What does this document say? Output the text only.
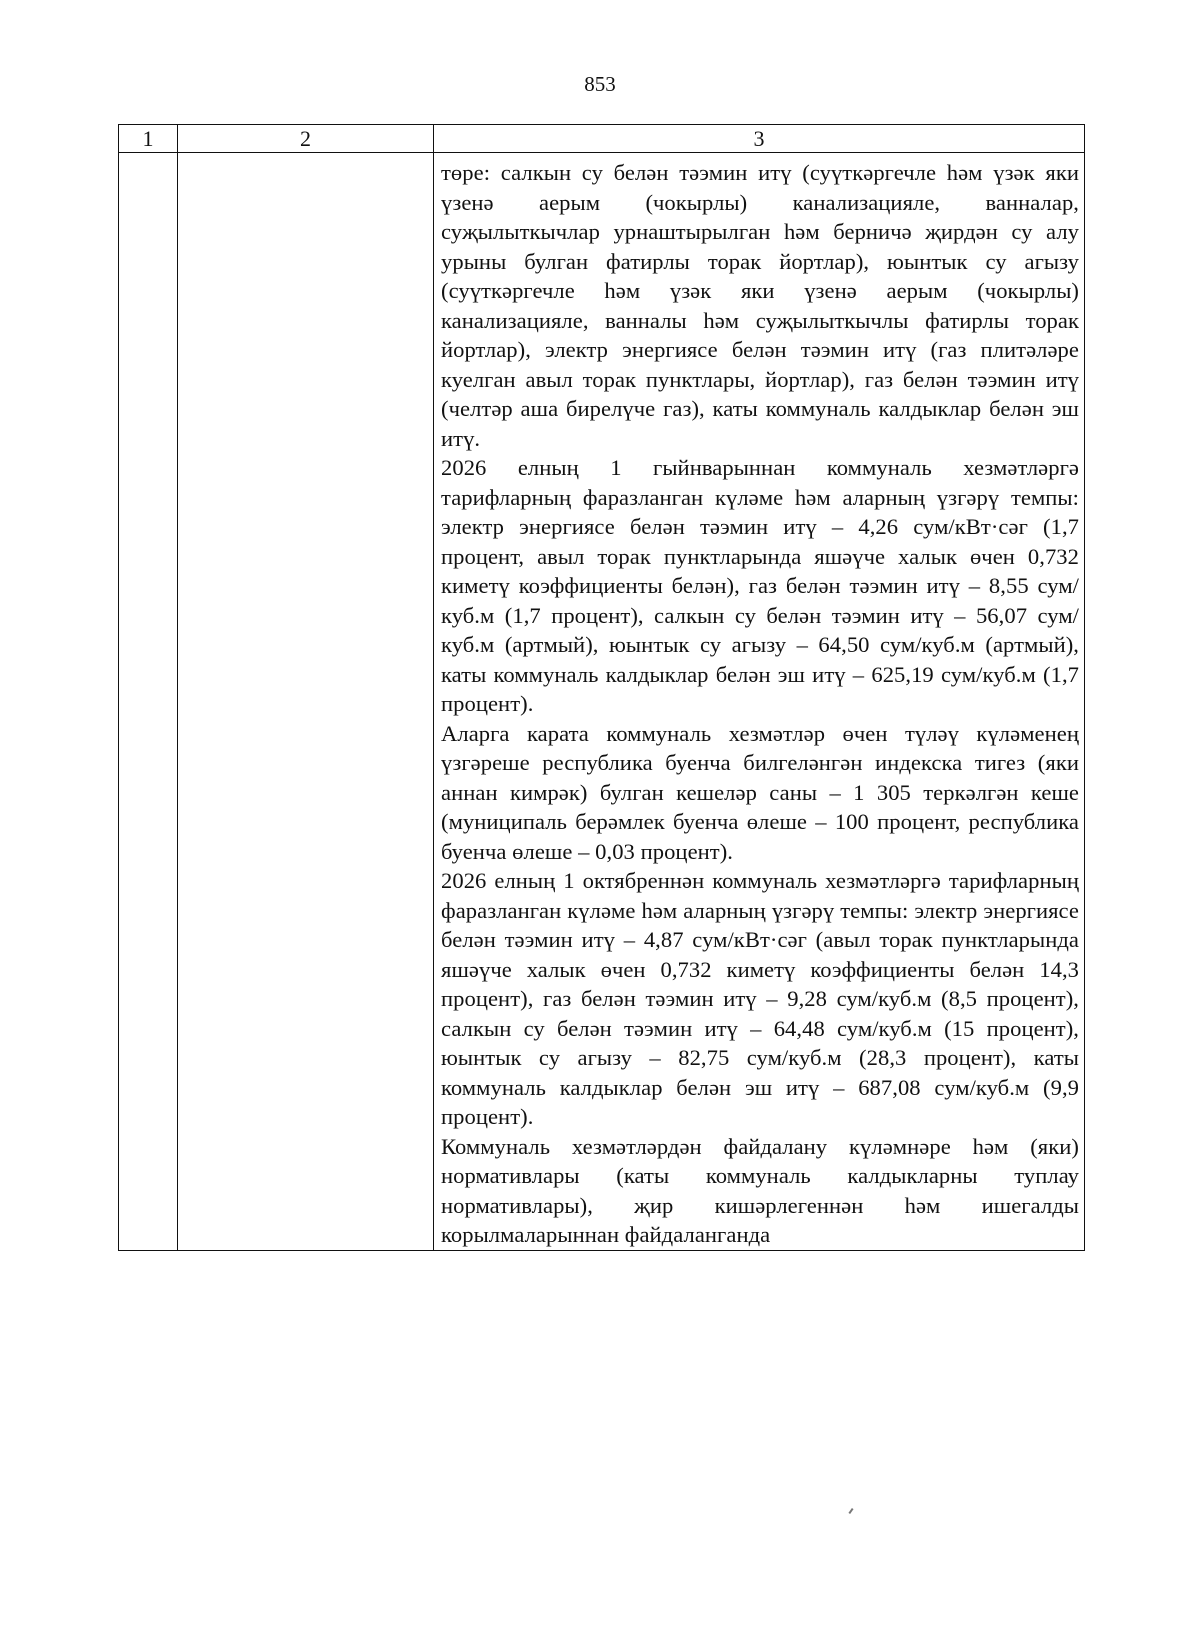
853
1	2	3

		төре: салкын су белән тәэмин итү (суүткәргечле һәм үзәк яки үзенә аерым (чокырлы) канализацияле, ванналар, суҗылыткычлар урнаштырылган һәм берничә җирдән су алу урыны булган фатирлы торак йортлар), юынтык су агызу (суүткәргечле һәм үзәк яки үзенә аерым (чокырлы) канализацияле, ванналы һәм суҗылыткычлы фатирлы торак йортлар), электр энергиясе белән тәэмин итү (газ плитәләре куелган авыл торак пунктлары, йортлар), газ белән тәэмин итү (челтәр аша бирелүче газ), каты коммуналь калдыклар белән эш итү.

2026 елның 1 гыйнварыннан коммуналь хезмәтләргә тарифларның фаразланган күләме һәм аларның үзгәрү темпы: электр энергиясе белән тәэмин итү – 4,26 сум/кВт·сәг (1,7 процент, авыл торак пунктларында яшәүче халык өчен 0,732 киметү коэффициенты белән), газ белән тәэмин итү – 8,55 сум/куб.м (1,7 процент), салкын су белән тәэмин итү – 56,07 сум/куб.м (артмый), юынтык су агызу – 64,50 сум/куб.м (артмый), каты коммуналь калдыклар белән эш итү – 625,19 сум/куб.м (1,7 процент).

Аларга карата коммуналь хезмәтләр өчен түләү күләменең үзгәреше республика буенча билгеләнгән индекска тигез (яки аннан кимрәк) булган кешеләр саны – 1 305 теркәлгән кеше (муниципаль берәмлек буенча өлеше – 100 процент, республика буенча өлеше – 0,03 процент).

2026 елның 1 октябреннән коммуналь хезмәтләргә тарифларның фаразланган күләме һәм аларның үзгәрү темпы: электр энергиясе белән тәэмин итү – 4,87 сум/кВт·сәг (авыл торак пунктларында яшәүче халык өчен 0,732 киметү коэффициенты белән 14,3 процент), газ белән тәэмин итү – 9,28 сум/куб.м (8,5 процент), салкын су белән тәэмин итү – 64,48 сум/куб.м (15 процент), юынтык су агызу – 82,75 сум/куб.м (28,3 процент), каты коммуналь калдыклар белән эш итү – 687,08 сум/куб.м (9,9 процент).

Коммуналь хезмәтләрдән файдалану күләмнәре һәм (яки) нормативлары (каты коммуналь калдыкларны туплау нормативлары), җир кишәрлегеннән һәм ишегалды корылмаларыннан файдаланганда
